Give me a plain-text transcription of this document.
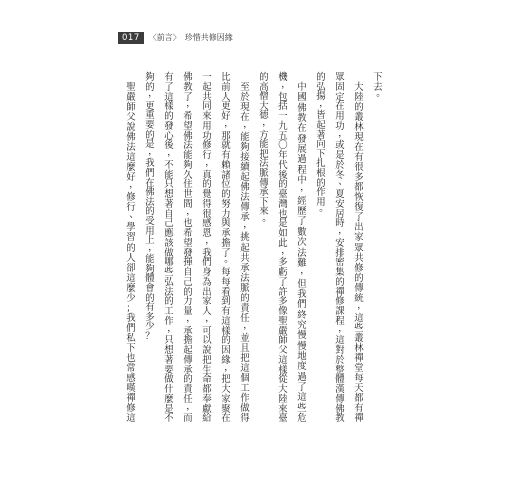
017	〈前言〉 珍惜共修因緣
下
去
。
大
陸
的
叢
林
現
在
有
很
多
都
恢
復
了
出
家
眾
共
修
的
傳
統
，
這
些
叢
林
禪
堂
每
天
都
有
禪
眾
固
定
在
用
功
，
或
是
於
冬
、
夏
安
居
時
，
安
排
密
集
的
禪
修
課
程
，
這
對
於
整
體
漢
傳
佛
教
的
弘
揚
，
皆
起
著
向
下
扎
根
的
作
用
。
中
國
佛
教
在
發
展
過
程
中
，
經
歷
了
數
次
法
難
，
但
我
們
終
究
慢
慢
地
度
過
了
這
些
危
機
，
包
括
一
九
五
〇
年
代
後
的
臺
灣
也
是
如
此
，
多
虧
了
許
多
像
聖
嚴
師
父
這
樣
從
大
陸
來
臺
的
高
僧
大
德
，
方
能
把
法
脈
傳
承
下
來
。
至
於
現
在
，
能
夠
接
續
起
佛
法
傳
承
，
挑
起
共
承
法
脈
的
責
任
，
並
且
把
這
個
工
作
做
得
比
前
人
更
好
，
那
就
有
賴
諸
位
的
努
力
與
承
擔
了
。
每
每
看
到
有
這
樣
的
因
緣
，
把
大
家
聚
在
一
起
共
同
來
用
功
修
行
，
真
的
覺
得
很
感
恩
，
我
們
身
為
出
家
人
，
可
以
說
把
生
命
都
奉
獻
給
佛
教
了
，
希
望
佛
法
能
夠
久
住
世
間
，
也
希
望
發
揮
自
己
的
力
量
，
承
擔
起
傳
承
的
責
任
，
而
有
了
這
樣
的
發
心
後
，
不
能
只
想
著
自
己
應
該
做
哪
些
弘
法
的
工
作
，
只
想
著
要
做
什
麼
是
不
夠
的
，
更
重
要
的
是
，
我
們
在
佛
法
的
受
用
上
，
能
夠
體
會
的
有
多
少
？
聖
嚴
師
父
說
佛
法
這
麼
好
，
修
行
、
學
習
的
人
卻
這
麼
少
；
我
們
私
下
也
常
感
嘆
禪
修
這
